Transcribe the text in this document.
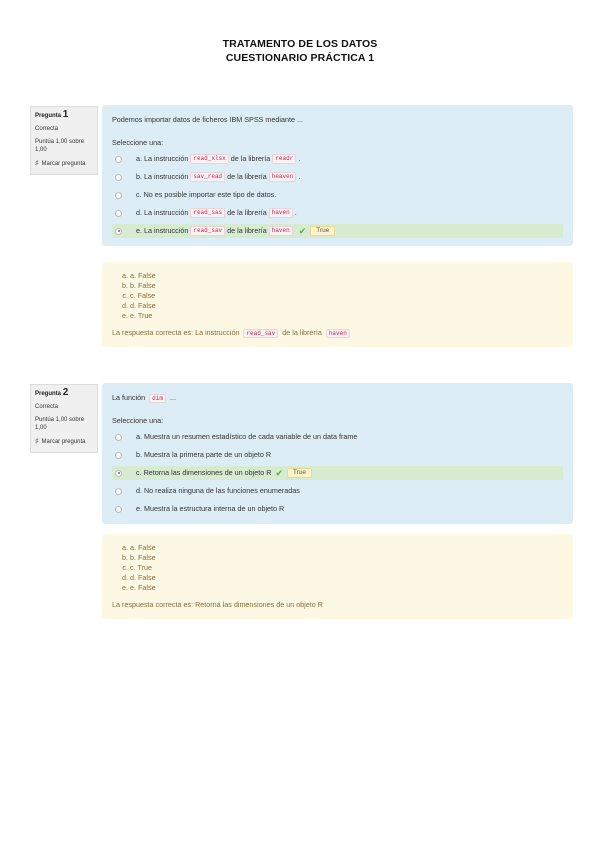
TRATAMENTO DE LOS DATOS
CUESTIONARIO PRÁCTICA 1
Pregunta 1
Correcta
Puntúa 1,00 sobre 1,00
♯ Marcar pregunta
Podemos importar datos de ficheros IBM SPSS mediante ...
Seleccione una:
a. La instrucción read_xlsx de la librería readr .
b. La instrucción sav_read de la librería heaven .
c. No es posible importar este tipo de datos.
d. La instrucción read_sas de la librería haven .
e. La instrucción read_sav de la librería haven	✔	True
a. a. False
b. b. False
c. c. False
d. d. False
e. e. True
La respuesta correcta es: La instrucción read_sav de la librería haven
Pregunta 2
Correcta
Puntúa 1,00 sobre 1,00
♯ Marcar pregunta
La función dim ...
Seleccione una:
a. Muestra un resumen estadístico de cada variable de un data frame
b. Muestra la primera parte de un objeto R
c. Retorna las dimensiones de un objeto R ✔	True
d. No realiza ninguna de las funciones enumeradas
e. Muestra la estructura interna de un objeto R
a. a. False
b. b. False
c. c. True
d. d. False
e. e. False
La respuesta correcta es: Retorna las dimensiones de un objeto R
